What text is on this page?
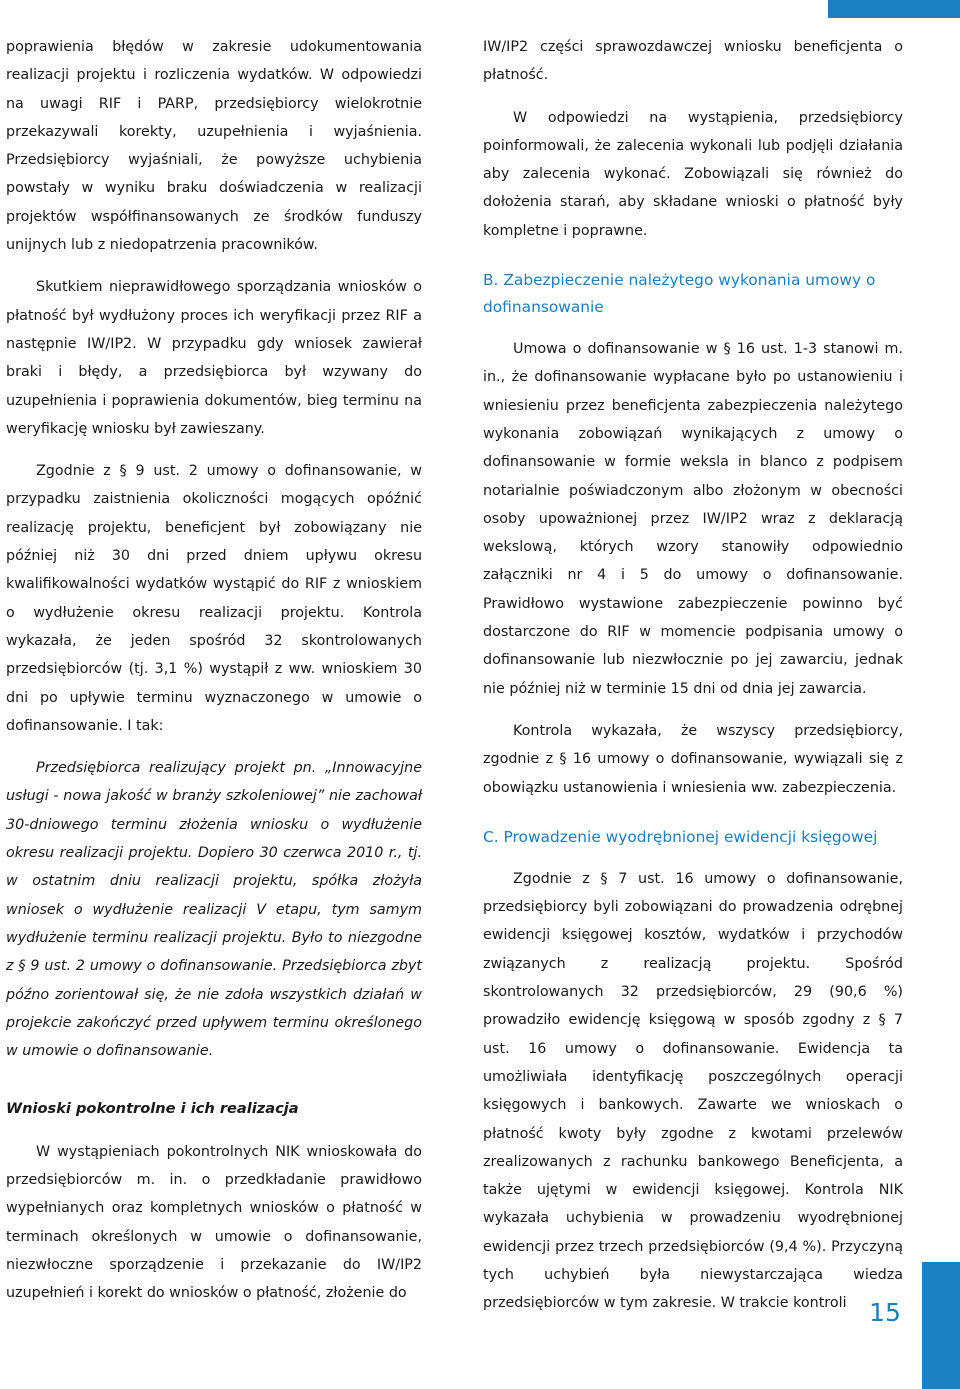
poprawienia błędów w zakresie udokumentowania realizacji projektu i rozliczenia wydatków. W odpowiedzi na uwagi RIF i PARP, przedsiębiorcy wielokrotnie przekazywali korekty, uzupełnienia i wyjaśnienia. Przedsiębiorcy wyjaśniali, że powyższe uchybienia powstały w wyniku braku doświadczenia w realizacji projektów współfinansowanych ze środków funduszy unijnych lub z niedopatrzenia pracowników.

Skutkiem nieprawidłowego sporządzania wniosków o płatność był wydłużony proces ich weryfikacji przez RIF a następnie IW/IP2. W przypadku gdy wniosek zawierał braki i błędy, a przedsiębiorca był wzywany do uzupełnienia i poprawienia dokumentów, bieg terminu na weryfikację wniosku był zawieszany.

Zgodnie z § 9 ust. 2 umowy o dofinansowanie, w przypadku zaistnienia okoliczności mogących opóźnić realizację projektu, beneficjent był zobowiązany nie później niż 30 dni przed dniem upływu okresu kwalifikowalności wydatków wystąpić do RIF z wnioskiem o wydłużenie okresu realizacji projektu. Kontrola wykazała, że jeden spośród 32 skontrolowanych przedsiębiorców (tj. 3,1 %) wystąpił z ww. wnioskiem 30 dni po upływie terminu wyznaczonego w umowie o dofinansowanie. I tak:

Przedsiębiorca realizujący projekt pn. „Innowacyjne usługi - nowa jakość w branży szkoleniowej” nie zachował 30-dniowego terminu złożenia wniosku o wydłużenie okresu realizacji projektu. Dopiero 30 czerwca 2010 r., tj. w ostatnim dniu realizacji projektu, spółka złożyła wniosek o wydłużenie realizacji V etapu, tym samym wydłużenie terminu realizacji projektu. Było to niezgodne z § 9 ust. 2 umowy o dofinansowanie. Przedsiębiorca zbyt późno zorientował się, że nie zdoła wszystkich działań w projekcie zakończyć przed upływem terminu określonego w umowie o dofinansowanie.

Wnioski pokontrolne i ich realizacja

W wystąpieniach pokontrolnych NIK wnioskowała do przedsiębiorców m. in. o przedkładanie prawidłowo wypełnianych oraz kompletnych wniosków o płatność w terminach określonych w umowie o dofinansowanie, niezwłoczne sporządzenie i przekazanie do IW/IP2 uzupełnień i korekt do wniosków o płatność, złożenie do

IW/IP2 części sprawozdawczej wniosku beneficjenta o płatność.

W odpowiedzi na wystąpienia, przedsiębiorcy poinformowali, że zalecenia wykonali lub podjęli działania aby zalecenia wykonać. Zobowiązali się również do dołożenia starań, aby składane wnioski o płatność były kompletne i poprawne.

B. Zabezpieczenie należytego wykonania umowy o dofinansowanie

Umowa o dofinansowanie w § 16 ust. 1-3 stanowi m. in., że dofinansowanie wypłacane było po ustanowieniu i wniesieniu przez beneficjenta zabezpieczenia należytego wykonania zobowiązań wynikających z umowy o dofinansowanie w formie weksla in blanco z podpisem notarialnie poświadczonym albo złożonym w obecności osoby upoważnionej przez IW/IP2 wraz z deklaracją wekslową, których wzory stanowiły odpowiednio załączniki nr 4 i 5 do umowy o dofinansowanie. Prawidłowo wystawione zabezpieczenie powinno być dostarczone do RIF w momencie podpisania umowy o dofinansowanie lub niezwłocznie po jej zawarciu, jednak nie później niż w terminie 15 dni od dnia jej zawarcia.

Kontrola wykazała, że wszyscy przedsiębiorcy, zgodnie z § 16 umowy o dofinansowanie, wywiązali się z obowiązku ustanowienia i wniesienia ww. zabezpieczenia.

C. Prowadzenie wyodrębnionej ewidencji księgowej

Zgodnie z § 7 ust. 16 umowy o dofinansowanie, przedsiębiorcy byli zobowiązani do prowadzenia odrębnej ewidencji księgowej kosztów, wydatków i przychodów związanych z realizacją projektu. Spośród skontrolowanych 32 przedsiębiorców, 29 (90,6 %) prowadziło ewidencję księgową w sposób zgodny z § 7 ust. 16 umowy o dofinansowanie. Ewidencja ta umożliwiała identyfikację poszczególnych operacji księgowych i bankowych. Zawarte we wnioskach o płatność kwoty były zgodne z kwotami przelewów zrealizowanych z rachunku bankowego Beneficjenta, a także ujętymi w ewidencji księgowej. Kontrola NIK wykazała uchybienia w prowadzeniu wyodrębnionej ewidencji przez trzech przedsiębiorców (9,4 %). Przyczyną tych uchybień była niewystarczająca wiedza przedsiębiorców w tym zakresie. W trakcie kontroli 15
